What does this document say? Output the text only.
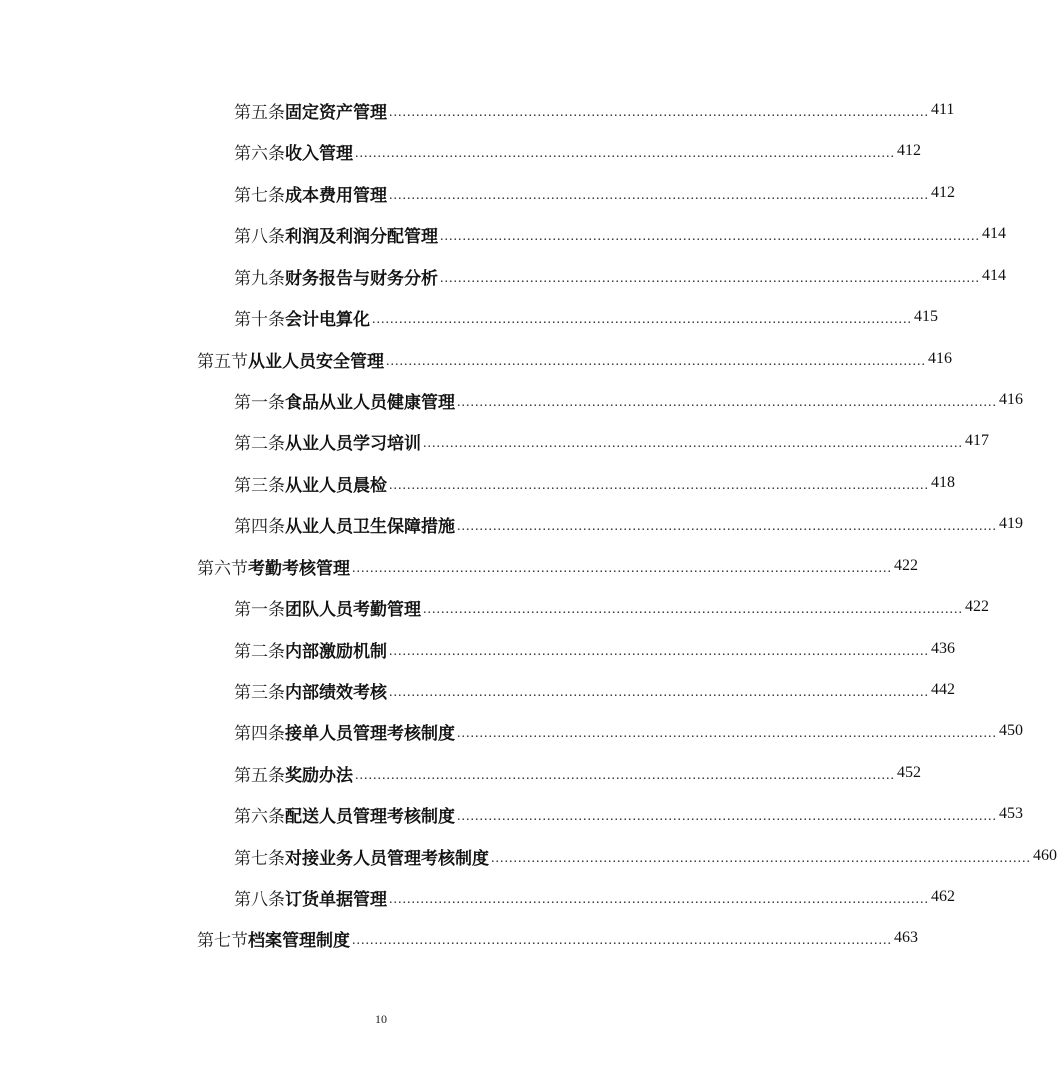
第五条 固定资产管理 ........................................................................................................................ 411
第六条 收入管理 ........................................................................................................................ 412
第七条 成本费用管理 ........................................................................................................................ 412
第八条 利润及利润分配管理 ........................................................................................................................ 414
第九条 财务报告与财务分析 ........................................................................................................................ 414
第十条 会计电算化 ........................................................................................................................ 415
第五节 从业人员安全管理 ........................................................................................................................ 416
第一条 食品从业人员健康管理 ........................................................................................................................ 416
第二条 从业人员学习培训 ........................................................................................................................ 417
第三条 从业人员晨检 ........................................................................................................................ 418
第四条 从业人员卫生保障措施 ........................................................................................................................ 419
第六节 考勤考核管理 ........................................................................................................................ 422
第一条 团队人员考勤管理 ........................................................................................................................ 422
第二条 内部激励机制 ........................................................................................................................ 436
第三条 内部绩效考核 ........................................................................................................................ 442
第四条 接单人员管理考核制度 ........................................................................................................................ 450
第五条 奖励办法 ........................................................................................................................ 452
第六条 配送人员管理考核制度 ........................................................................................................................ 453
第七条 对接业务人员管理考核制度 ........................................................................................................................ 460
第八条 订货单据管理 ........................................................................................................................ 462
第七节 档案管理制度 ........................................................................................................................ 463
10
